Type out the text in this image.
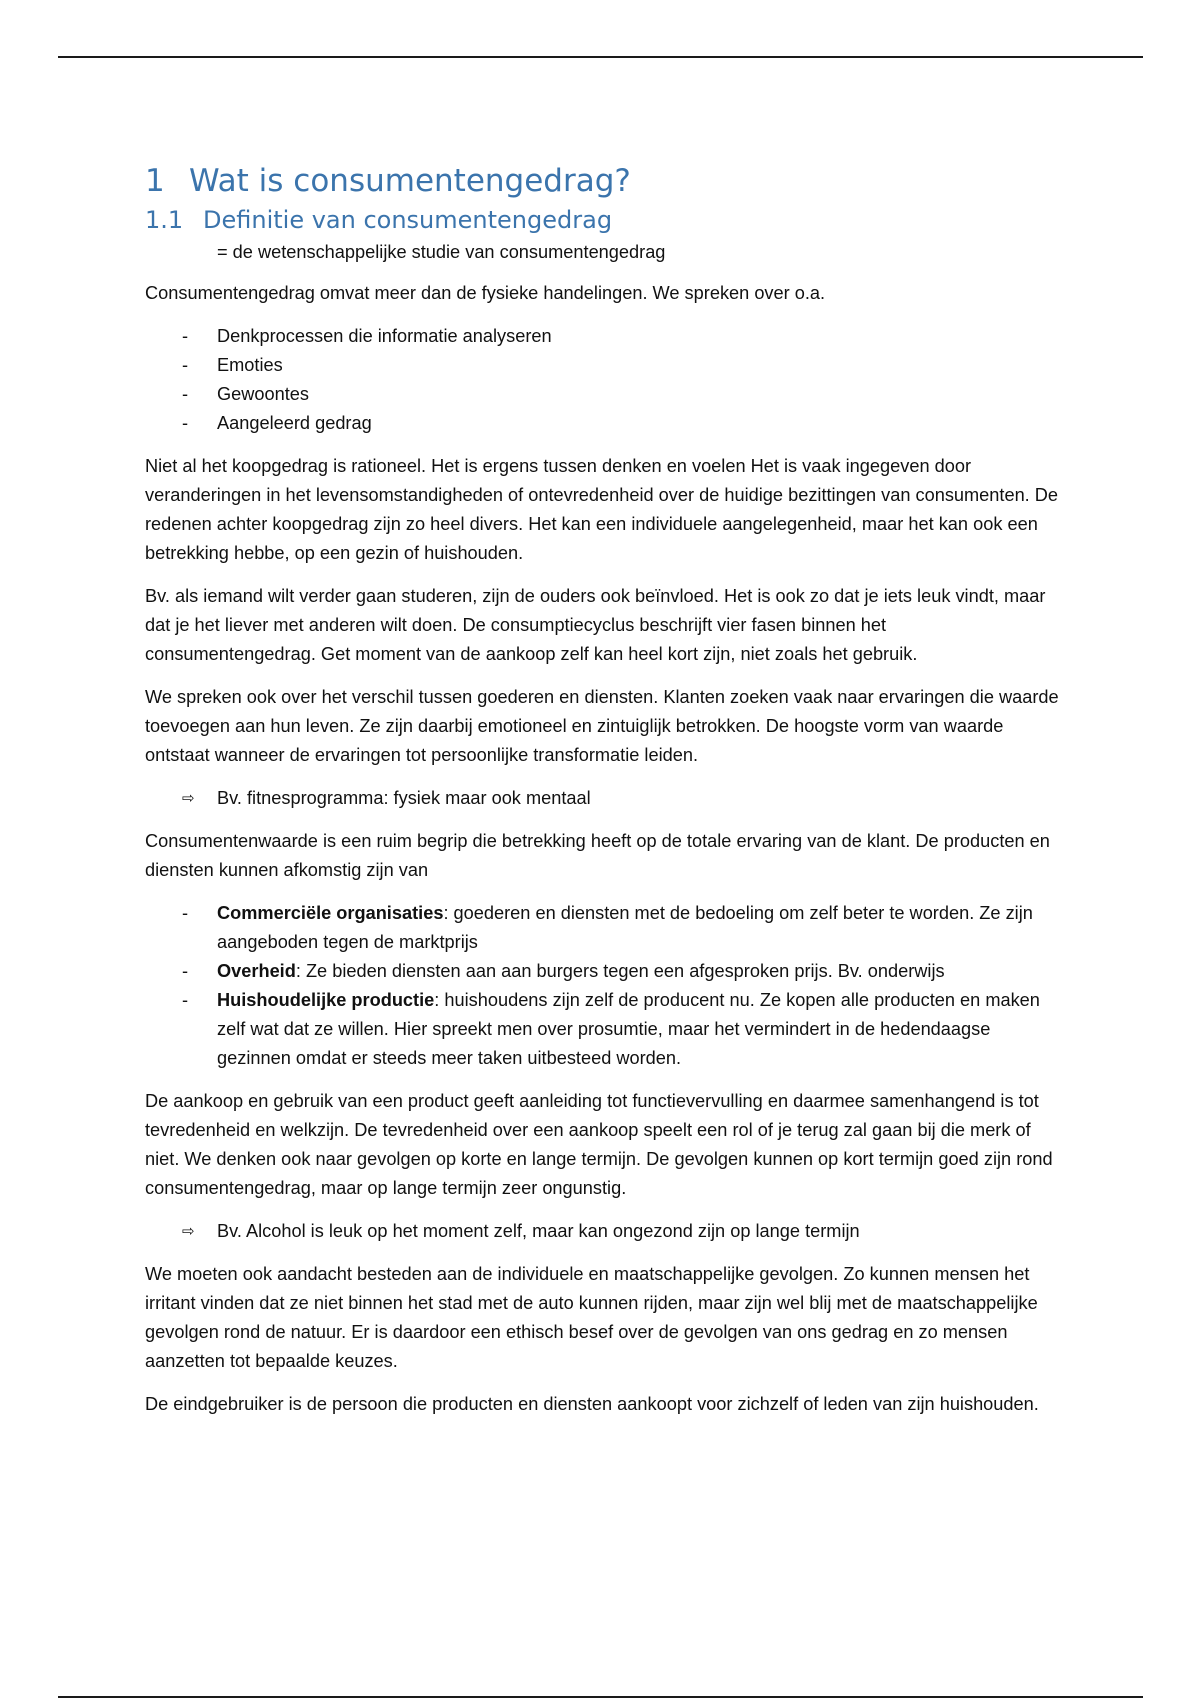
1 Wat is consumentengedrag?
1.1 Definitie van consumentengedrag

= de wetenschappelijke studie van consumentengedrag

Consumentengedrag omvat meer dan de fysieke handelingen. We spreken over o.a.

- Denkprocessen die informatie analyseren
- Emoties
- Gewoontes
- Aangeleerd gedrag

Niet al het koopgedrag is rationeel. Het is ergens tussen denken en voelen Het is vaak ingegeven door veranderingen in het levensomstandigheden of ontevredenheid over de huidige bezittingen van consumenten. De redenen achter koopgedrag zijn zo heel divers. Het kan een individuele aangelegenheid, maar het kan ook een betrekking hebbe, op een gezin of huishouden.

Bv. als iemand wilt verder gaan studeren, zijn de ouders ook beïnvloed. Het is ook zo dat je iets leuk vindt, maar dat je het liever met anderen wilt doen. De consumptiecyclus beschrijft vier fasen binnen het consumentengedrag. Get moment van de aankoop zelf kan heel kort zijn, niet zoals het gebruik.

We spreken ook over het verschil tussen goederen en diensten. Klanten zoeken vaak naar ervaringen die waarde toevoegen aan hun leven. Ze zijn daarbij emotioneel en zintuiglijk betrokken. De hoogste vorm van waarde ontstaat wanneer de ervaringen tot persoonlijke transformatie leiden.

⇨ Bv. fitnesprogramma: fysiek maar ook mentaal

Consumentenwaarde is een ruim begrip die betrekking heeft op de totale ervaring van de klant. De producten en diensten kunnen afkomstig zijn van

- Commerciële organisaties: goederen en diensten met de bedoeling om zelf beter te worden. Ze zijn aangeboden tegen de marktprijs
- Overheid: Ze bieden diensten aan aan burgers tegen een afgesproken prijs. Bv. onderwijs
- Huishoudelijke productie: huishoudens zijn zelf de producent nu. Ze kopen alle producten en maken zelf wat dat ze willen. Hier spreekt men over prosumtie, maar het vermindert in de hedendaagse gezinnen omdat er steeds meer taken uitbesteed worden.

De aankoop en gebruik van een product geeft aanleiding tot functievervulling en daarmee samenhangend is tot tevredenheid en welkzijn. De tevredenheid over een aankoop speelt een rol of je terug zal gaan bij die merk of niet. We denken ook naar gevolgen op korte en lange termijn. De gevolgen kunnen op kort termijn goed zijn rond consumentengedrag, maar op lange termijn zeer ongunstig.

⇨ Bv. Alcohol is leuk op het moment zelf, maar kan ongezond zijn op lange termijn

We moeten ook aandacht besteden aan de individuele en maatschappelijke gevolgen. Zo kunnen mensen het irritant vinden dat ze niet binnen het stad met de auto kunnen rijden, maar zijn wel blij met de maatschappelijke gevolgen rond de natuur. Er is daardoor een ethisch besef over de gevolgen van ons gedrag en zo mensen aanzetten tot bepaalde keuzes.

De eindgebruiker is de persoon die producten en diensten aankoopt voor zichzelf of leden van zijn huishouden.
